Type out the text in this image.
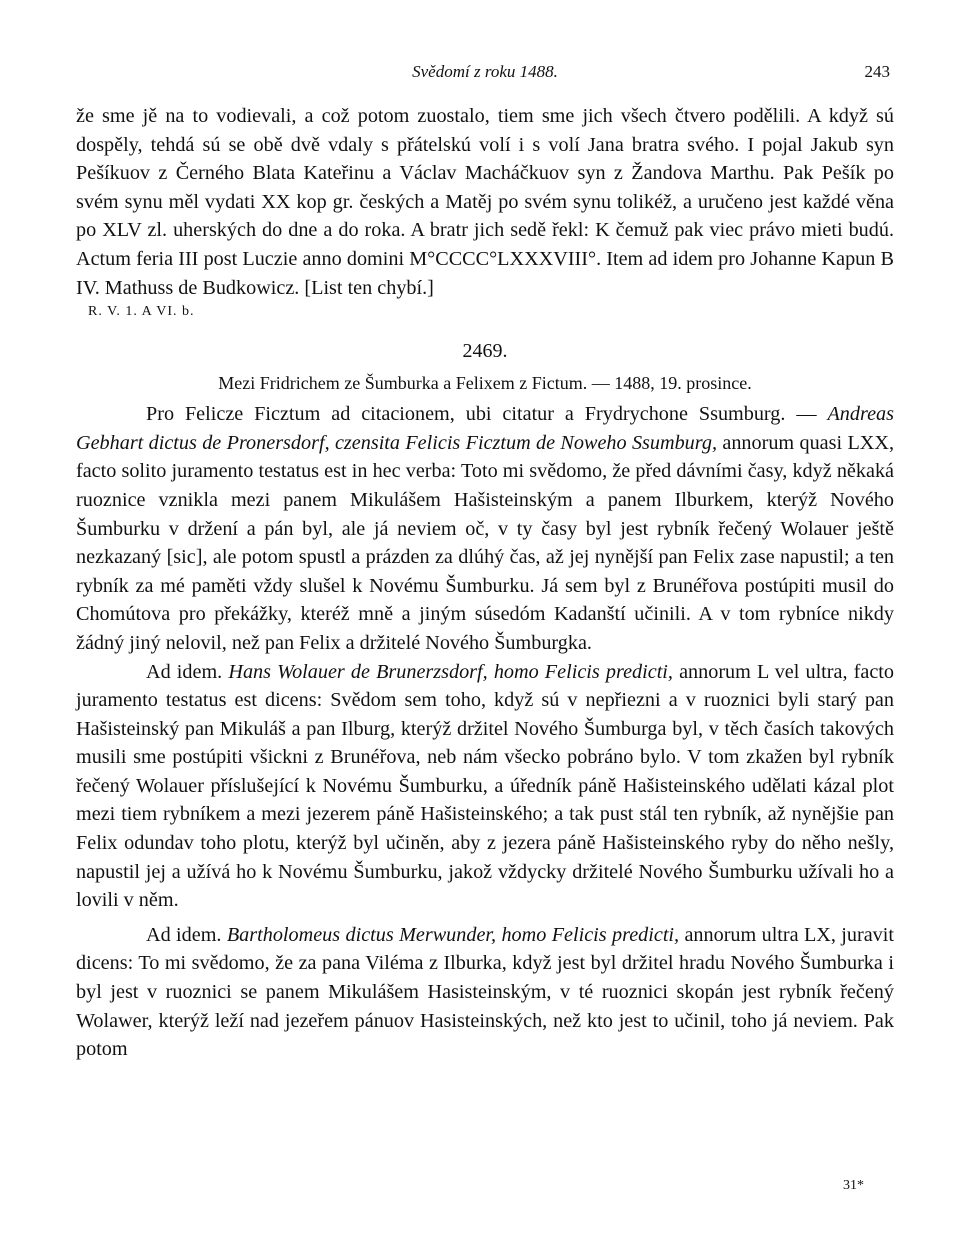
Svědomí z roku 1488.	243

že sme jě na to vodievali, a což potom zuostalo, tiem sme jich všech čtvero podělili. A když sú dospěly, tehdá sú se obě dvě vdaly s přátelskú volí i s volí Jana bratra svého. I pojal Jakub syn Pešíkuov z Černého Blata Kateřinu a Václav Macháčkuov syn z Žandova Marthu. Pak Pešík po svém synu měl vydati XX kop gr. českých a Matěj po svém synu tolikéž, a uručeno jest každé věna po XLV zl. uherských do dne a do roka. A bratr jich sedě řekl: K čemuž pak viec právo mieti budú. Actum feria III post Luczie anno domini M°CCCC°LXXXVIII°. Item ad idem pro Johanne Kapun B IV. Mathuss de Budkowicz. [List ten chybí.]

R. V. 1. A VI. b.
2469.
Mezi Fridrichem ze Šumburka a Felixem z Fictum. — 1488, 19. prosince.

Pro Felicze Ficztum ad citacionem, ubi citatur a Frydrychone Ssumburg. — Andreas Gebhart dictus de Pronersdorf, czensita Felicis Ficztum de Noweho Ssumburg, annorum quasi LXX, facto solito juramento testatus est in hec verba: Toto mi svědomo, že před dávními časy, když někaká ruoznice vznikla mezi panem Mikulášem Hašisteinským a panem Ilburkem, kterýž Nového Šumburku v držení a pán byl, ale já neviem oč, v ty časy byl jest rybník řečený Wolauer ještě nezkazaný [sic], ale potom spustl a prázden za dlúhý čas, až jej nynější pan Felix zase napustil; a ten rybník za mé paměti vždy slušel k Novému Šumburku. Já sem byl z Brunéřova postúpiti musil do Chomútova pro překážky, kteréž mně a jiným súsedóm Kadanští učinili. A v tom rybníce nikdy žádný jiný nelovil, než pan Felix a držitelé Nového Šumburgka.

Ad idem. Hans Wolauer de Brunerzsdorf, homo Felicis predicti, annorum L vel ultra, facto juramento testatus est dicens: Svědom sem toho, když sú v nepřiezni a v ruoznici byli starý pan Hašisteinský pan Mikuláš a pan Ilburg, kterýž držitel Nového Šumburga byl, v těch časích takových musili sme postúpiti všickni z Brunéřova, neb nám všecko pobráno bylo. V tom zkažen byl rybník řečený Wolauer příslušející k Novému Šumburku, a úředník páně Hašisteinského udělati kázal plot mezi tiem rybníkem a mezi jezerem páně Hašisteinského; a tak pust stál ten rybník, až nynějšie pan Felix odundav toho plotu, kterýž byl učiněn, aby z jezera páně Hašisteinského ryby do něho nešly, napustil jej a užívá ho k Novému Šumburku, jakož vždycky držitelé Nového Šumburku užívali ho a lovili v něm.

Ad idem. Bartholomeus dictus Merwunder, homo Felicis predicti, annorum ultra LX, juravit dicens: To mi svědomo, že za pana Viléma z Ilburka, když jest byl držitel hradu Nového Šumburka i byl jest v ruoznici se panem Mikulášem Hasisteinským, v té ruoznici skopán jest rybník řečený Wolawer, kterýž leží nad jezeřem pánuov Hasisteinských, než kto jest to učinil, toho já neviem. Pak potom

31*
